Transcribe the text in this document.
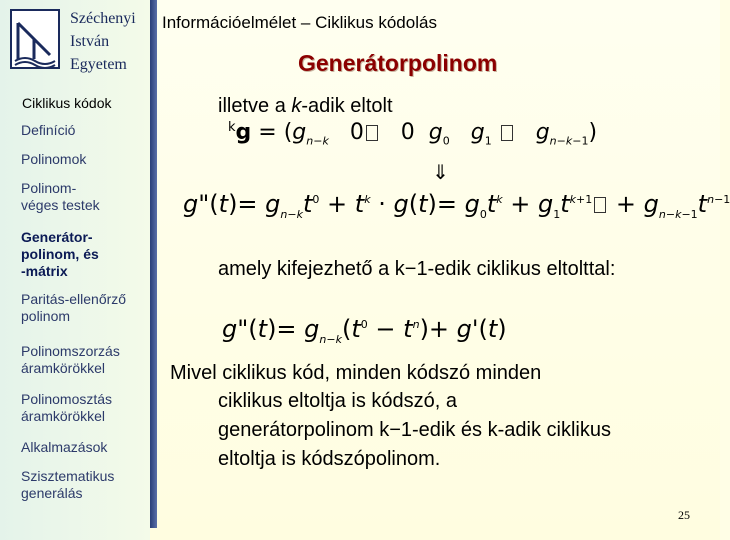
Széchenyi
István
Egyetem
Információelmélet – Ciklikus kódolás
Generátorpolinom
Ciklikus kódok
Definíció
Polinomok
Polinom-
véges testek
Generátor-
polinom, és
-mátrix
Paritás-ellenőrző
polinom
Polinomszorzás
áramkörökkel
Polinomosztás
áramkörökkel
Alkalmazások
Szisztematikus
generálás
illetve a k-adik eltolt
$^kg = (g_{n-k}$   0   0  $g_0$ $g_1$ $g_{n-k-1}$)
⇓
g"(t)= $g_{n-k}t^0 + t^k \cdot g(t)= g_0t^k + g_1t^{k+1} + g_{n-k-1}t^{n-1}$
amely kifejezhető a k−1-edik ciklikus eltolttal:
g"(t)= $g_{n-k}(t^0 - t^n)+ g'(t)$
Mivel ciklikus kód, minden kódszó minden
ciklikus eltoltja is kódszó, a
generátorpolinom k−1-edik és k-adik ciklikus
eltoltja is kódszópolinom.
25
